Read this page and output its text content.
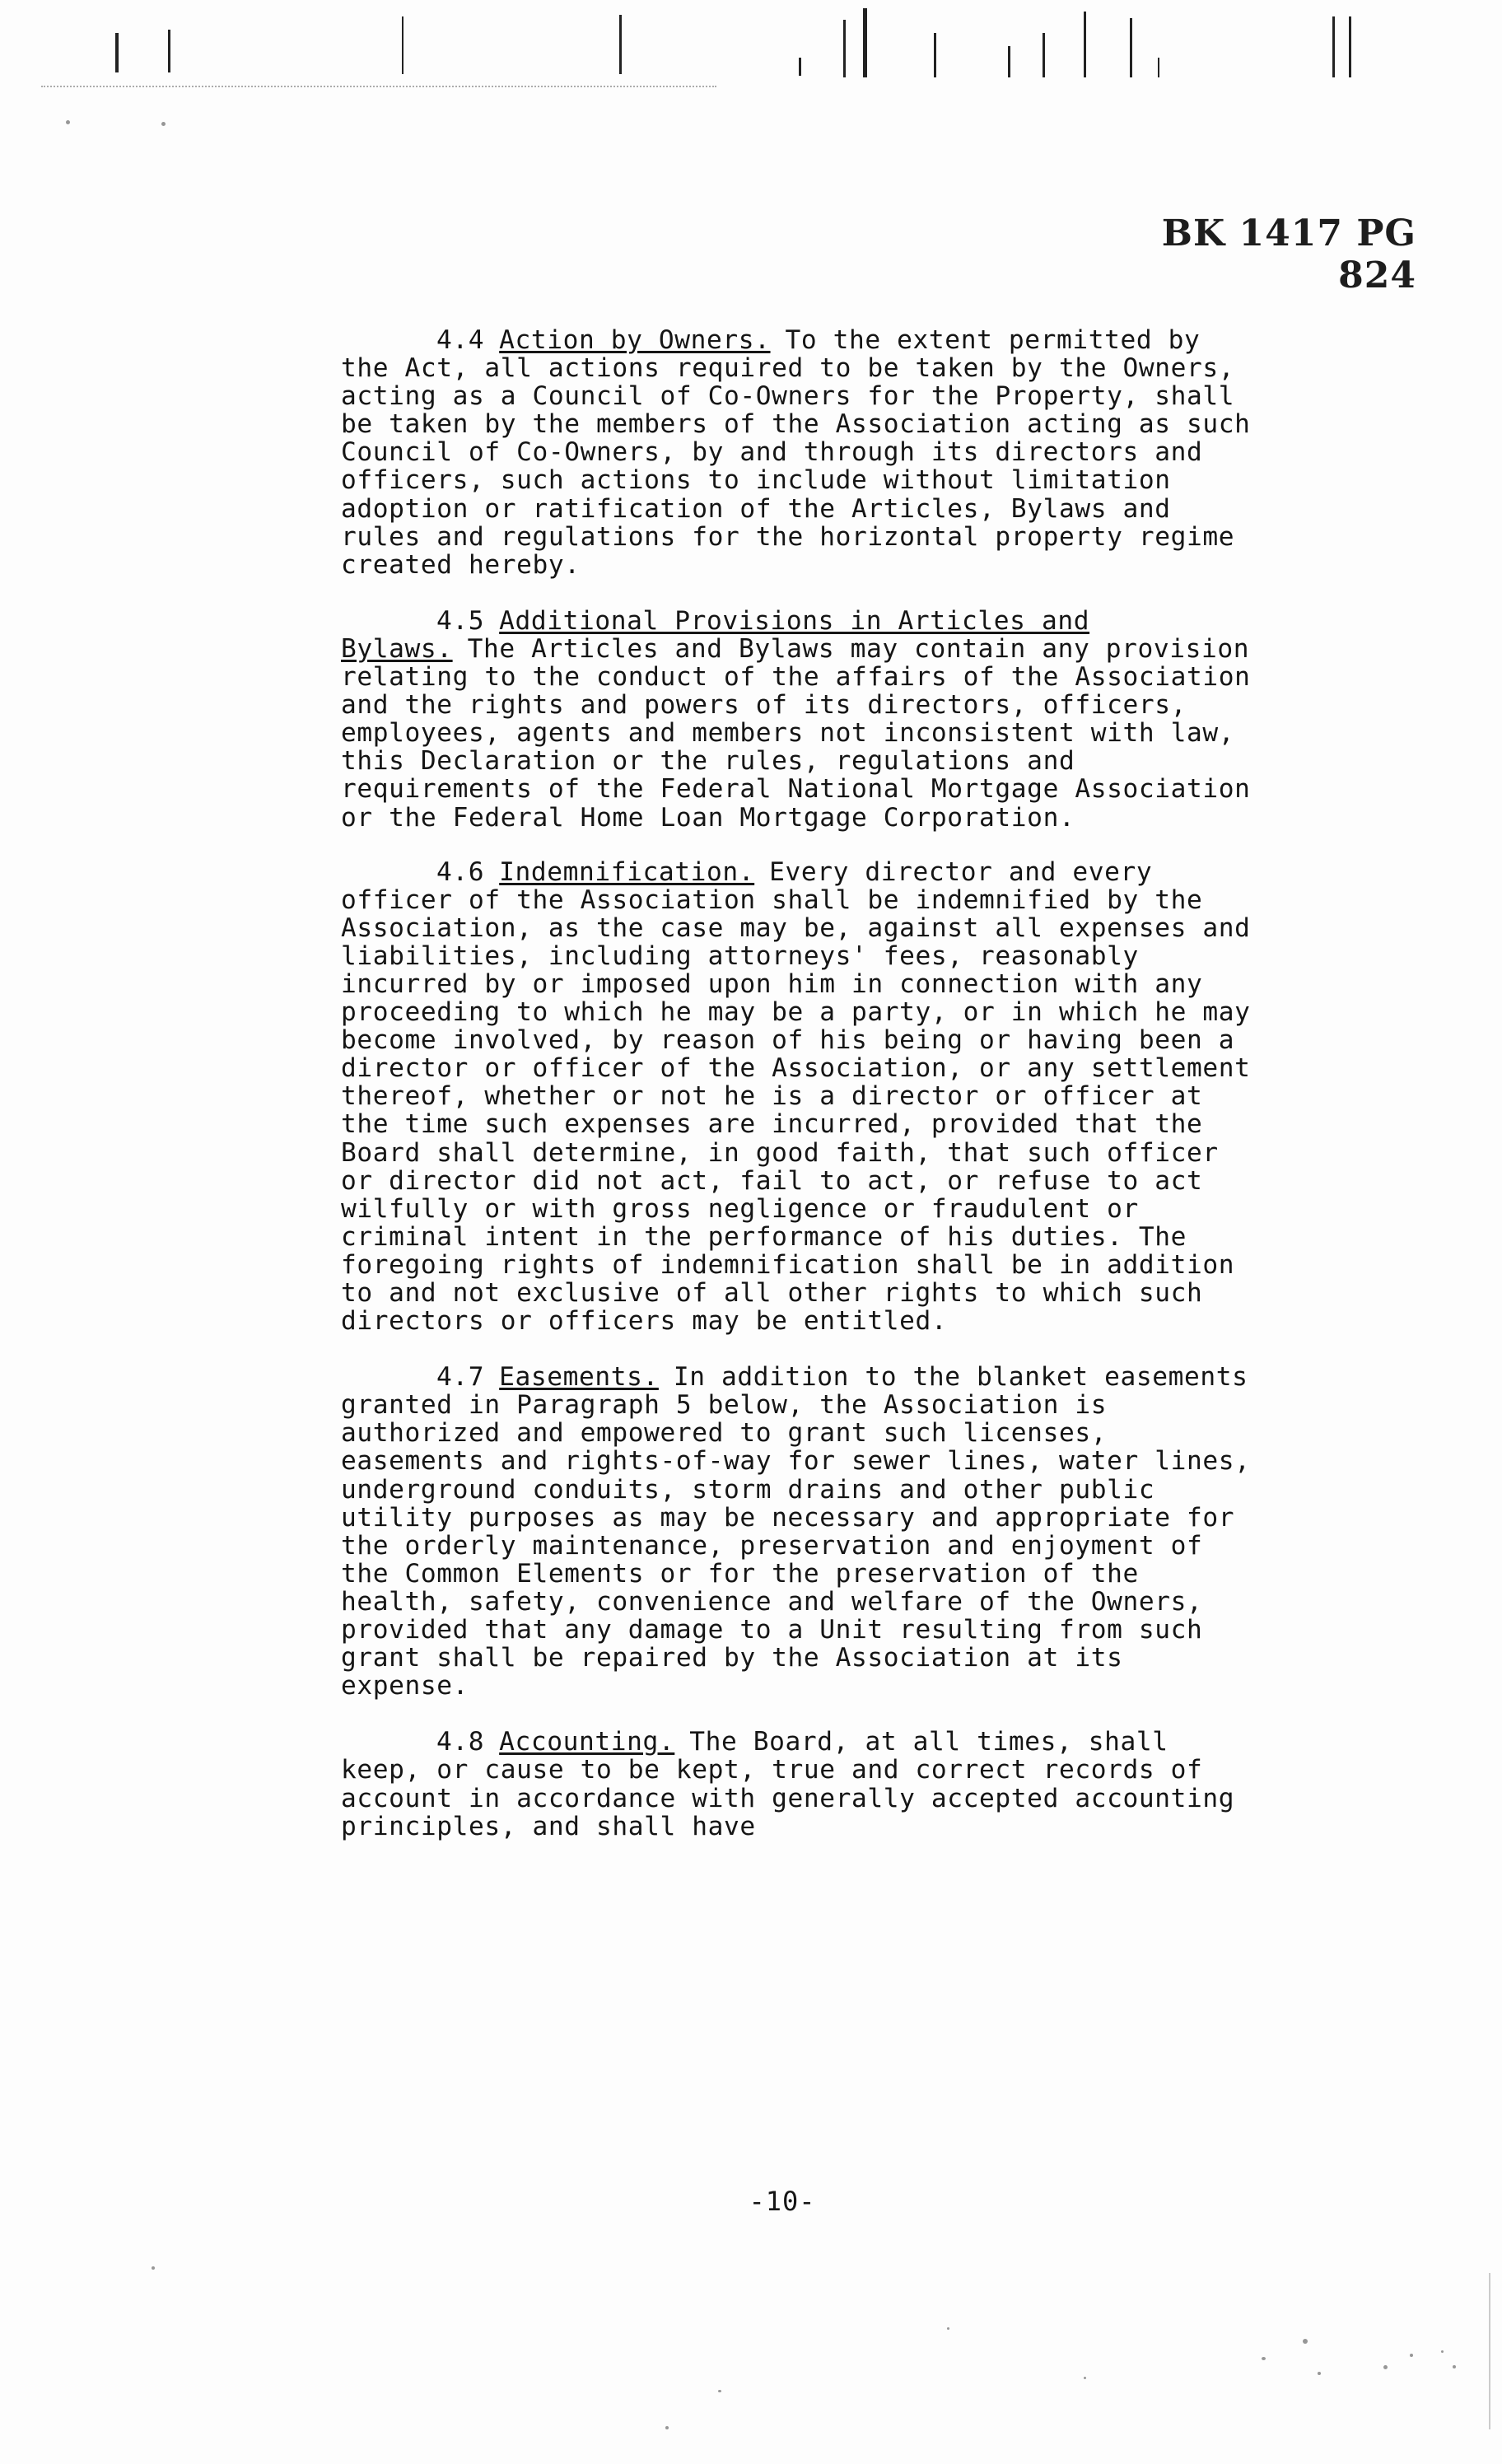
BK 1417 PG 824

4.4 Action by Owners. To the extent permitted by the Act, all actions required to be taken by the Owners, acting as a Council of Co-Owners for the Property, shall be taken by the members of the Association acting as such Council of Co-Owners, by and through its directors and officers, such actions to include without limitation adoption or ratification of the Articles, Bylaws and rules and regulations for the horizontal property regime created hereby.

4.5 Additional Provisions in Articles and Bylaws. The Articles and Bylaws may contain any provision relating to the conduct of the affairs of the Association and the rights and powers of its directors, officers, employees, agents and members not inconsistent with law, this Declaration or the rules, regulations and requirements of the Federal National Mortgage Association or the Federal Home Loan Mortgage Corporation.

4.6 Indemnification. Every director and every officer of the Association shall be indemnified by the Association, as the case may be, against all expenses and liabilities, including attorneys' fees, reasonably incurred by or imposed upon him in connection with any proceeding to which he may be a party, or in which he may become involved, by reason of his being or having been a director or officer of the Association, or any settlement thereof, whether or not he is a director or officer at the time such expenses are incurred, provided that the Board shall determine, in good faith, that such officer or director did not act, fail to act, or refuse to act wilfully or with gross negligence or fraudulent or criminal intent in the performance of his duties. The foregoing rights of indemnification shall be in addition to and not exclusive of all other rights to which such directors or officers may be entitled.

4.7 Easements. In addition to the blanket easements granted in Paragraph 5 below, the Association is authorized and empowered to grant such licenses, easements and rights-of-way for sewer lines, water lines, underground conduits, storm drains and other public utility purposes as may be necessary and appropriate for the orderly maintenance, preservation and enjoyment of the Common Elements or for the preservation of the health, safety, convenience and welfare of the Owners, provided that any damage to a Unit resulting from such grant shall be repaired by the Association at its expense.

4.8 Accounting. The Board, at all times, shall keep, or cause to be kept, true and correct records of account in accordance with generally accepted accounting principles, and shall have

-10-
